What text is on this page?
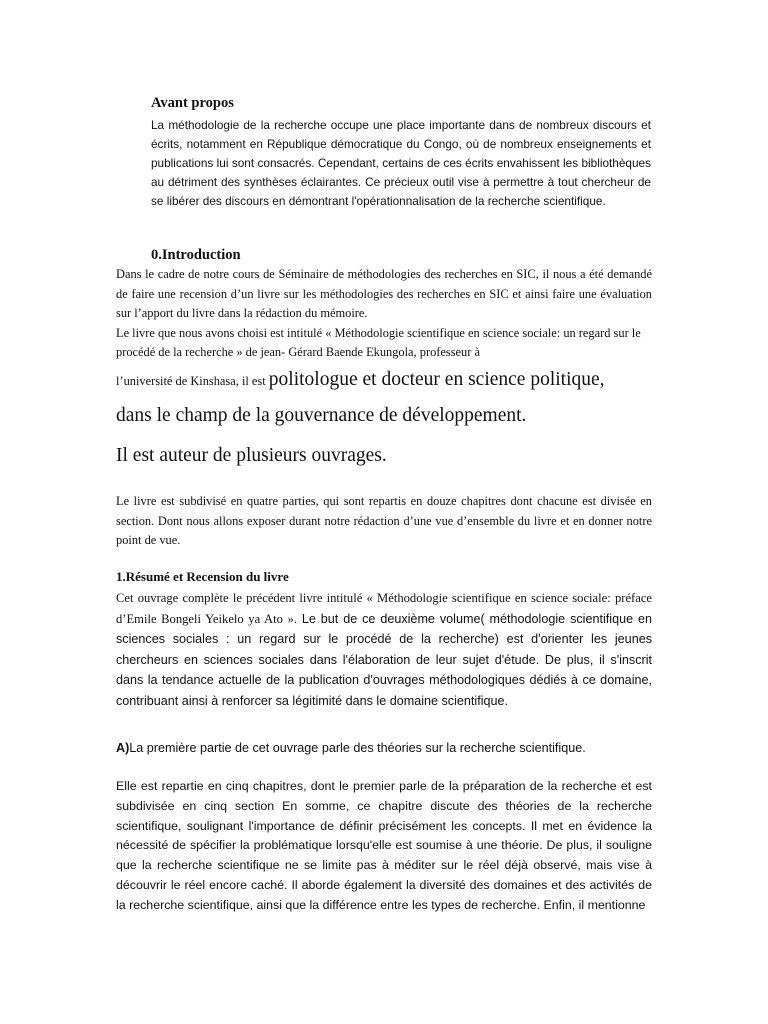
Avant propos

La méthodologie de la recherche occupe une place importante dans de nombreux discours et écrits, notamment en République démocratique du Congo, où de nombreux enseignements et publications lui sont consacrés. Cependant, certains de ces écrits envahissent les bibliothèques au détriment des synthèses éclairantes. Ce précieux outil vise à permettre à tout chercheur de se libérer des discours en démontrant l'opérationnalisation de la recherche scientifique.

0.Introduction

Dans le cadre de notre cours de Séminaire de méthodologies des recherches en SIC, il nous a été demandé de faire une recension d’un livre sur les méthodologies des recherches en SIC et ainsi faire une évaluation sur l’apport du livre dans la rédaction du mémoire.

Le livre que nous avons choisi est intitulé « Méthodologie scientifique en science sociale: un regard sur le procédé de la recherche » de jean- Gérard Baende Ekungola, professeur à

l’université de Kinshasa, il est politologue et docteur en science politique,
dans le champ de la gouvernance de développement.
Il est auteur de plusieurs ouvrages.

Le livre est subdivisé en quatre parties, qui sont repartis en douze chapitres dont chacune est divisée en section. Dont nous allons exposer durant notre rédaction d’une vue d’ensemble du livre et en donner notre point de vue.

1.Résumé et Recension du livre

Cet ouvrage complète le précédent livre intitulé « Méthodologie scientifique en science sociale: préface d’Emile Bongeli Yeikelo ya Ato ». Le but de ce deuxième volume( méthodologie scientifique en sciences sociales : un regard sur le procédé de la recherche) est d'orienter les jeunes chercheurs en sciences sociales dans l'élaboration de leur sujet d'étude. De plus, il s'inscrit dans la tendance actuelle de la publication d'ouvrages méthodologiques dédiés à ce domaine, contribuant ainsi à renforcer sa légitimité dans le domaine scientifique.

A)La première partie de cet ouvrage parle des théories sur la recherche scientifique.

Elle est repartie en cinq chapitres, dont le premier parle de la préparation de la recherche et est subdivisée en cinq section En somme, ce chapitre discute des théories de la recherche scientifique, soulignant l'importance de définir précisément les concepts. Il met en évidence la nécessité de spécifier la problématique lorsqu'elle est soumise à une théorie. De plus, il souligne que la recherche scientifique ne se limite pas à méditer sur le réel déjà observé, mais vise à découvrir le réel encore caché. Il aborde également la diversité des domaines et des activités de la recherche scientifique, ainsi que la différence entre les types de recherche. Enfin, il mentionne
